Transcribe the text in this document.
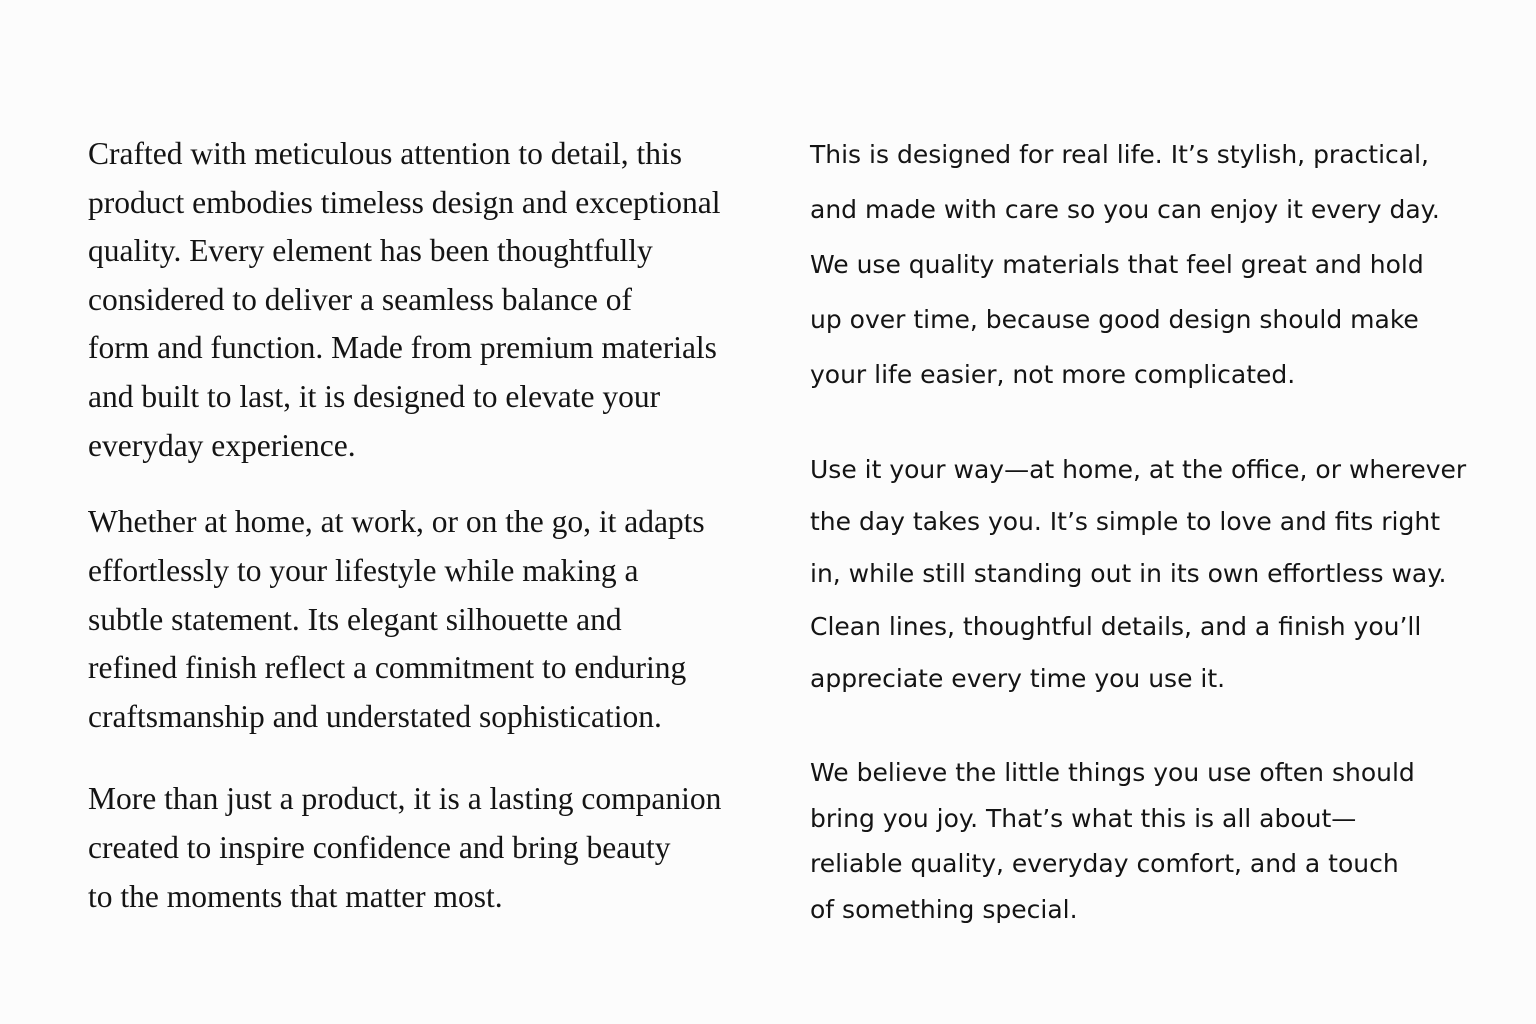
Crafted with meticulous attention to detail, this
product embodies timeless design and exceptional
quality. Every element has been thoughtfully
considered to deliver a seamless balance of
form and function. Made from premium materials
and built to last, it is designed to elevate your
everyday experience.

Whether at home, at work, or on the go, it adapts
effortlessly to your lifestyle while making a
subtle statement. Its elegant silhouette and
refined finish reflect a commitment to enduring
craftsmanship and understated sophistication.

More than just a product, it is a lasting companion
created to inspire confidence and bring beauty
to the moments that matter most.

This is designed for real life. It’s stylish, practical,
and made with care so you can enjoy it every day.
We use quality materials that feel great and hold
up over time, because good design should make
your life easier, not more complicated.

Use it your way—at home, at the office, or wherever
the day takes you. It’s simple to love and fits right
in, while still standing out in its own effortless way.
Clean lines, thoughtful details, and a finish you’ll
appreciate every time you use it.

We believe the little things you use often should
bring you joy. That’s what this is all about—
reliable quality, everyday comfort, and a touch
of something special.
